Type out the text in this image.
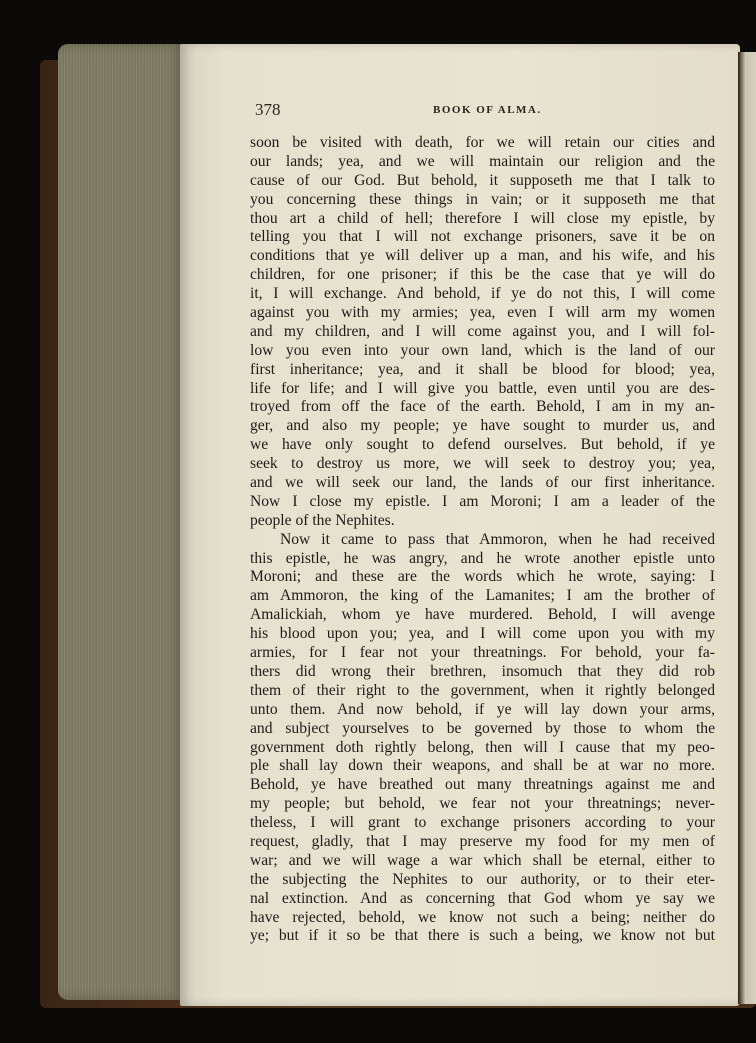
378	BOOK OF ALMA.
soon be visited with death, for we will retain our cities and
our lands; yea, and we will maintain our religion and the
cause of our God. But behold, it supposeth me that I talk to
you concerning these things in vain; or it supposeth me that
thou art a child of hell; therefore I will close my epistle, by
telling you that I will not exchange prisoners, save it be on
conditions that ye will deliver up a man, and his wife, and his
children, for one prisoner; if this be the case that ye will do
it, I will exchange. And behold, if ye do not this, I will come
against you with my armies; yea, even I will arm my women
and my children, and I will come against you, and I will fol-
low you even into your own land, which is the land of our
first inheritance; yea, and it shall be blood for blood; yea,
life for life; and I will give you battle, even until you are des-
troyed from off the face of the earth. Behold, I am in my an-
ger, and also my people; ye have sought to murder us, and
we have only sought to defend ourselves. But behold, if ye
seek to destroy us more, we will seek to destroy you; yea,
and we will seek our land, the lands of our first inheritance.
Now I close my epistle. I am Moroni; I am a leader of the
people of the Nephites.
Now it came to pass that Ammoron, when he had received
this epistle, he was angry, and he wrote another epistle unto
Moroni; and these are the words which he wrote, saying: I
am Ammoron, the king of the Lamanites; I am the brother of
Amalickiah, whom ye have murdered. Behold, I will avenge
his blood upon you; yea, and I will come upon you with my
armies, for I fear not your threatnings. For behold, your fa-
thers did wrong their brethren, insomuch that they did rob
them of their right to the government, when it rightly belonged
unto them. And now behold, if ye will lay down your arms,
and subject yourselves to be governed by those to whom the
government doth rightly belong, then will I cause that my peo-
ple shall lay down their weapons, and shall be at war no more.
Behold, ye have breathed out many threatnings against me and
my people; but behold, we fear not your threatnings; never-
theless, I will grant to exchange prisoners according to your
request, gladly, that I may preserve my food for my men of
war; and we will wage a war which shall be eternal, either to
the subjecting the Nephites to our authority, or to their eter-
nal extinction. And as concerning that God whom ye say we
have rejected, behold, we know not such a being; neither do
ye; but if it so be that there is such a being, we know not but
